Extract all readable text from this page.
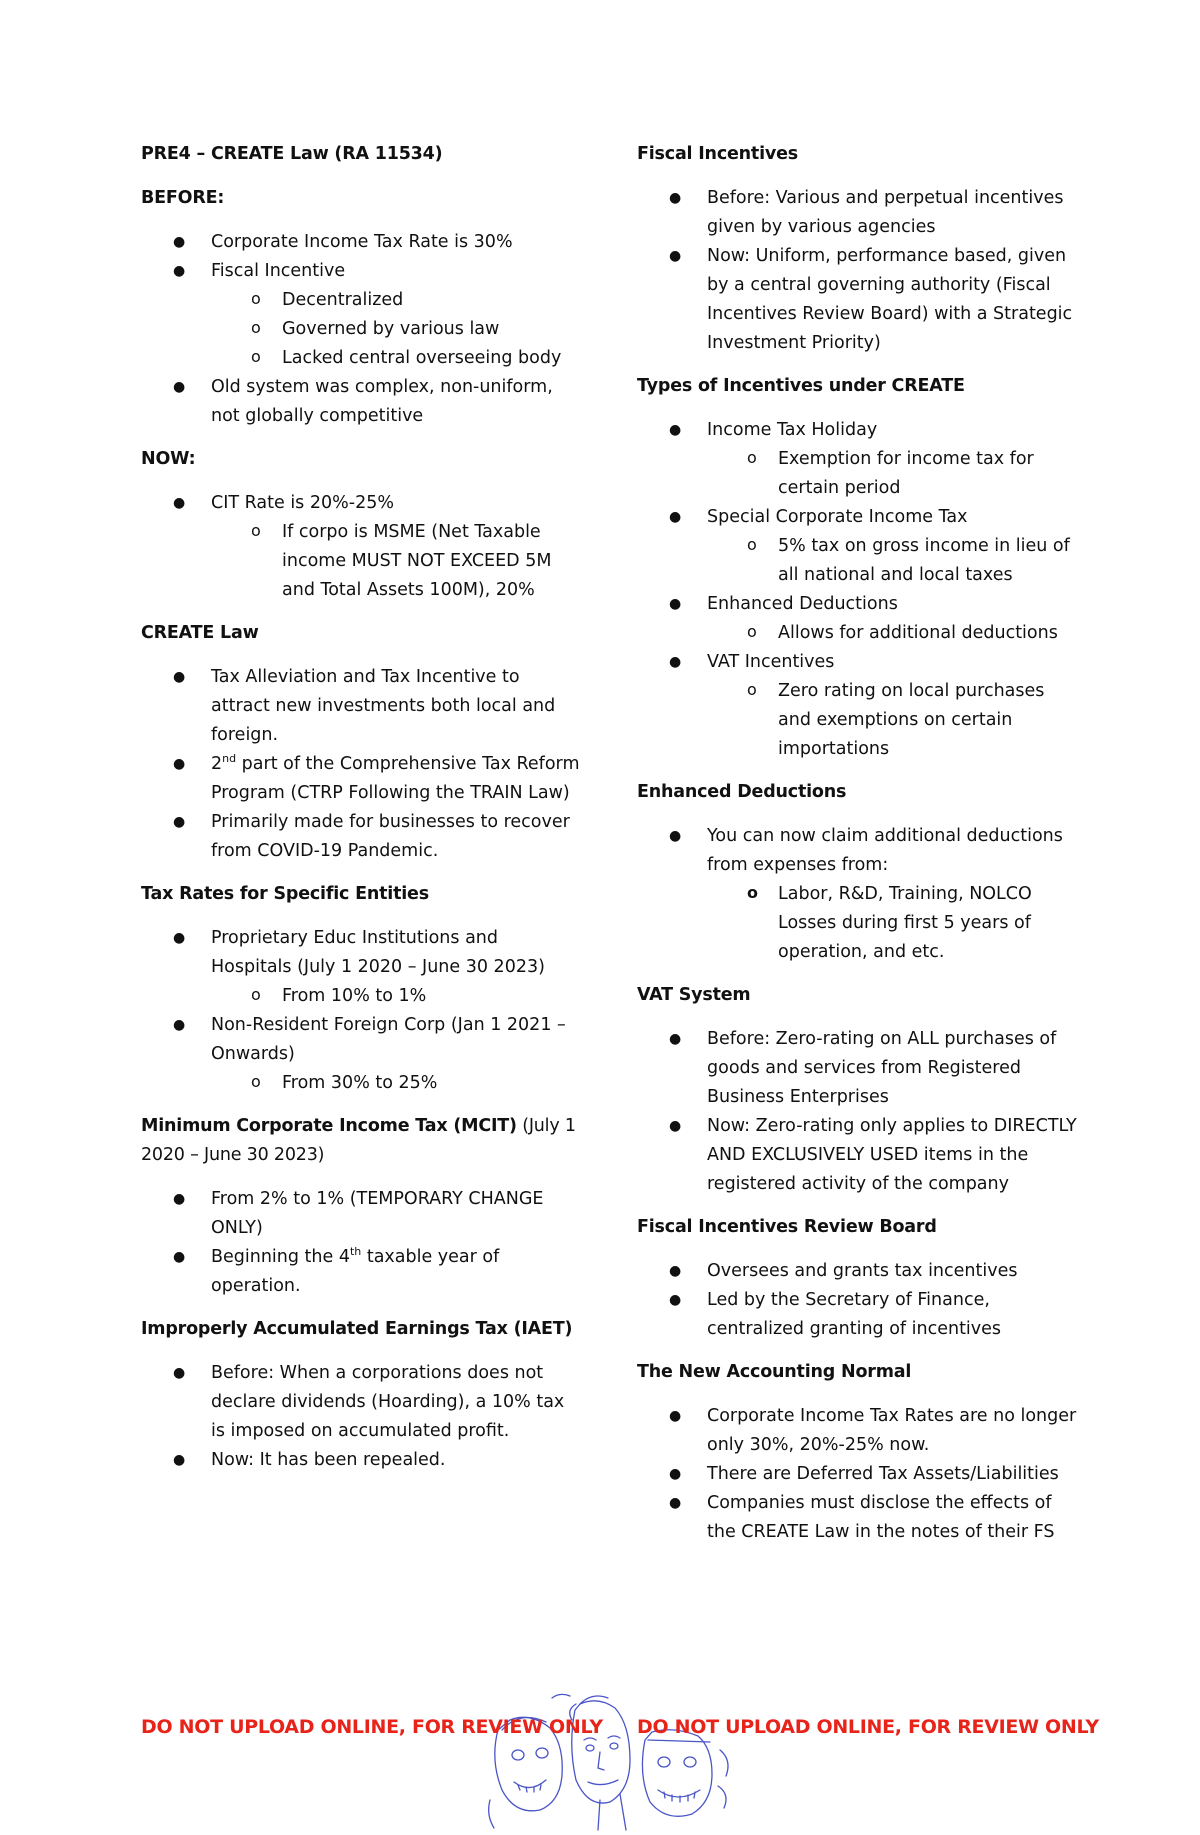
PRE4 – CREATE Law (RA 11534)
BEFORE:
● Corporate Income Tax Rate is 30%
● Fiscal Incentive
o Decentralized
o Governed by various law
o Lacked central overseeing body
● Old system was complex, non-uniform, not globally competitive
NOW:
● CIT Rate is 20%-25%
o If corpo is MSME (Net Taxable income MUST NOT EXCEED 5M and Total Assets 100M), 20%
CREATE Law
● Tax Alleviation and Tax Incentive to attract new investments both local and foreign.
● 2nd part of the Comprehensive Tax Reform Program (CTRP Following the TRAIN Law)
● Primarily made for businesses to recover from COVID-19 Pandemic.
Tax Rates for Specific Entities
● Proprietary Educ Institutions and Hospitals (July 1 2020 – June 30 2023)
o From 10% to 1%
● Non-Resident Foreign Corp (Jan 1 2021 – Onwards)
o From 30% to 25%
Minimum Corporate Income Tax (MCIT) (July 1 2020 – June 30 2023)
● From 2% to 1% (TEMPORARY CHANGE ONLY)
● Beginning the 4th taxable year of operation.
Improperly Accumulated Earnings Tax (IAET)
● Before: When a corporations does not declare dividends (Hoarding), a 10% tax is imposed on accumulated profit.
● Now: It has been repealed.
Fiscal Incentives
● Before: Various and perpetual incentives given by various agencies
● Now: Uniform, performance based, given by a central governing authority (Fiscal Incentives Review Board) with a Strategic Investment Priority)
Types of Incentives under CREATE
● Income Tax Holiday
o Exemption for income tax for certain period
● Special Corporate Income Tax
o 5% tax on gross income in lieu of all national and local taxes
● Enhanced Deductions
o Allows for additional deductions
● VAT Incentives
o Zero rating on local purchases and exemptions on certain importations
Enhanced Deductions
● You can now claim additional deductions from expenses from:
o Labor, R&D, Training, NOLCO Losses during first 5 years of operation, and etc.
VAT System
● Before: Zero-rating on ALL purchases of goods and services from Registered Business Enterprises
● Now: Zero-rating only applies to DIRECTLY AND EXCLUSIVELY USED items in the registered activity of the company
Fiscal Incentives Review Board
● Oversees and grants tax incentives
● Led by the Secretary of Finance, centralized granting of incentives
The New Accounting Normal
● Corporate Income Tax Rates are no longer only 30%, 20%-25% now.
● There are Deferred Tax Assets/Liabilities
● Companies must disclose the effects of the CREATE Law in the notes of their FS
DO NOT UPLOAD ONLINE, FOR REVIEW ONLY DO NOT UPLOAD ONLINE, FOR REVIEW ONLY
